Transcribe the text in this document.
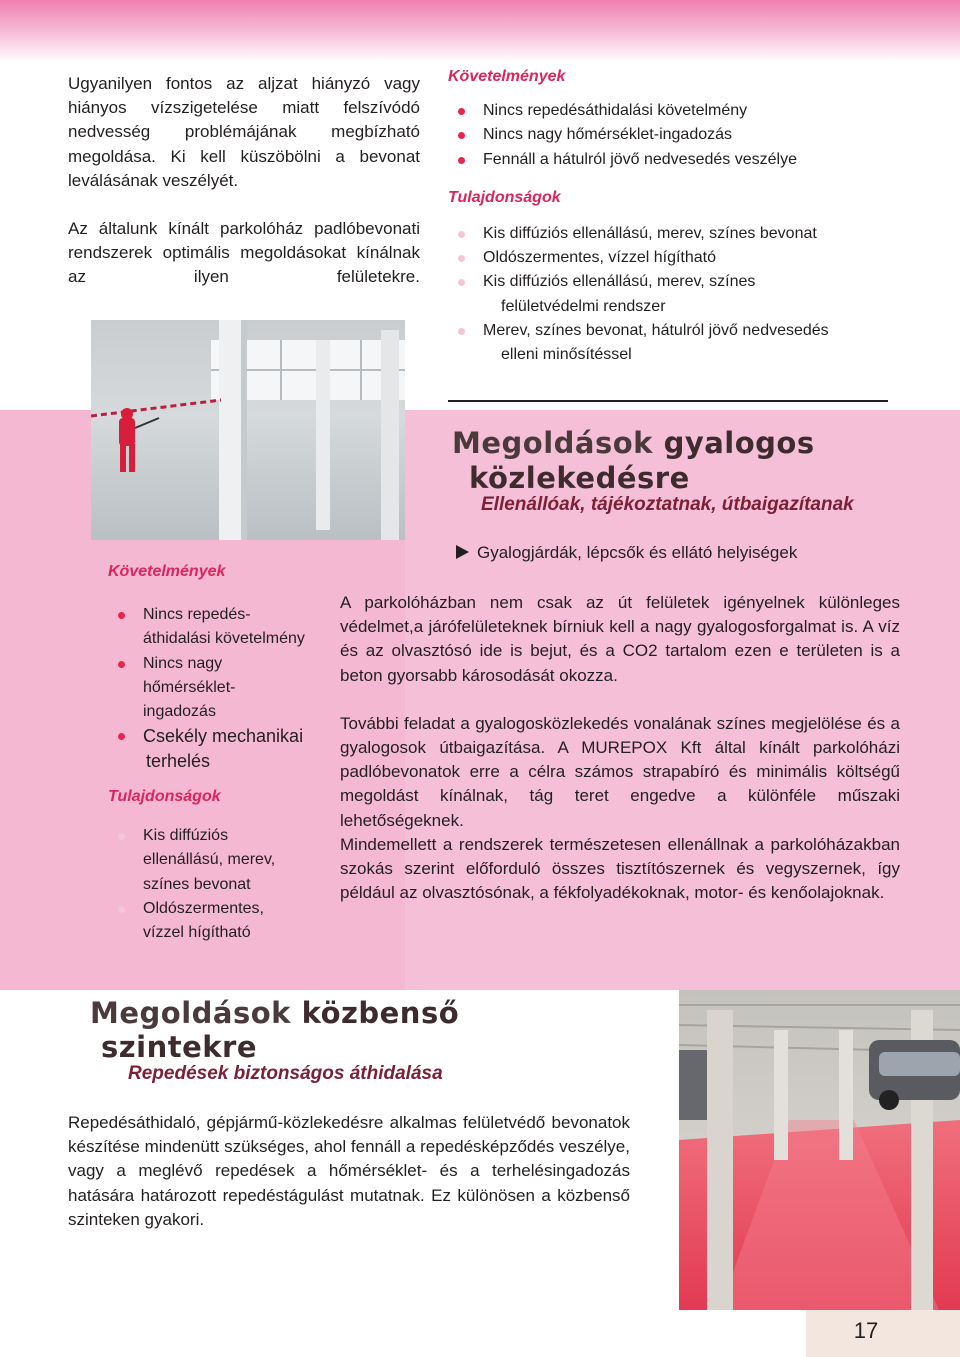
Ugyanilyen fontos az aljzat hiányzó vagy hiányos vízszigetelése miatt felszívódó nedvesség problémájának megbízható megoldása. Ki kell küszöbölni a bevonat leválásának veszélyét.

Az általunk kínált parkolóház padlóbevonati rendszerek optimális megoldásokat kínálnak az ilyen felületekre.

Követelmények
Nincs repedésáthidalási követelmény
Nincs nagy hőmérséklet-ingadozás
Fennáll a hátulról jövő nedvesedés veszélye
Tulajdonságok
Kis diffúziós ellenállású, merev, színes bevonat
Oldószermentes, vízzel hígítható
Kis diffúziós ellenállású, merev, színes
felületvédelmi rendszer
Merev, színes bevonat, hátulról jövő nedvesedés
elleni minősítéssel
Megoldások gyalogos
közlekedésre
Ellenállóak, tájékoztatnak, útbaigazítanak
Gyalogjárdák, lépcsők és ellátó helyiségek

A parkolóházban nem csak az út felületek igényelnek különleges védelmet,a járófelületeknek bírniuk kell a nagy gyalogosforgalmat is. A víz és az olvasztósó ide is bejut, és a CO2 tartalom ezen e területen is a beton gyorsabb károsodását okozza.

További feladat a gyalogosközlekedés vonalának színes megjelölése és a gyalogosok útbaigazítása. A MUREPOX Kft által kínált parkolóházi padlóbevonatok erre a célra számos strapabíró és minimális költségű megoldást kínálnak, tág teret engedve a különféle műszaki lehetőségeknek.

Mindemellett a rendszerek természetesen ellenállnak a parkolóházakban szokás szerint előforduló összes tisztítószernek és vegyszernek, így például az olvasztósónak, a fékfolyadékoknak, motor- és kenőolajoknak.

Követelmények
Nincs repedés-
áthidalási követelmény
Nincs nagy
hőmérséklet-
ingadozás
Csekély mechanikai
terhelés
Tulajdonságok
Kis diffúziós
ellenállású, merev,
színes bevonat
Oldószermentes,
vízzel hígítható
Megoldások közbenső
szintekre
Repedések biztonságos áthidalása

Repedésáthidaló, gépjármű-közlekedésre alkalmas felületvédő bevonatok készítése mindenütt szükséges, ahol fennáll a repedésképződés veszélye, vagy a meglévő repedések a hőmérséklet- és a terhelésingadozás hatására határozott repedéstágulást mutatnak. Ez különösen a közbenső szinteken gyakori.

17
